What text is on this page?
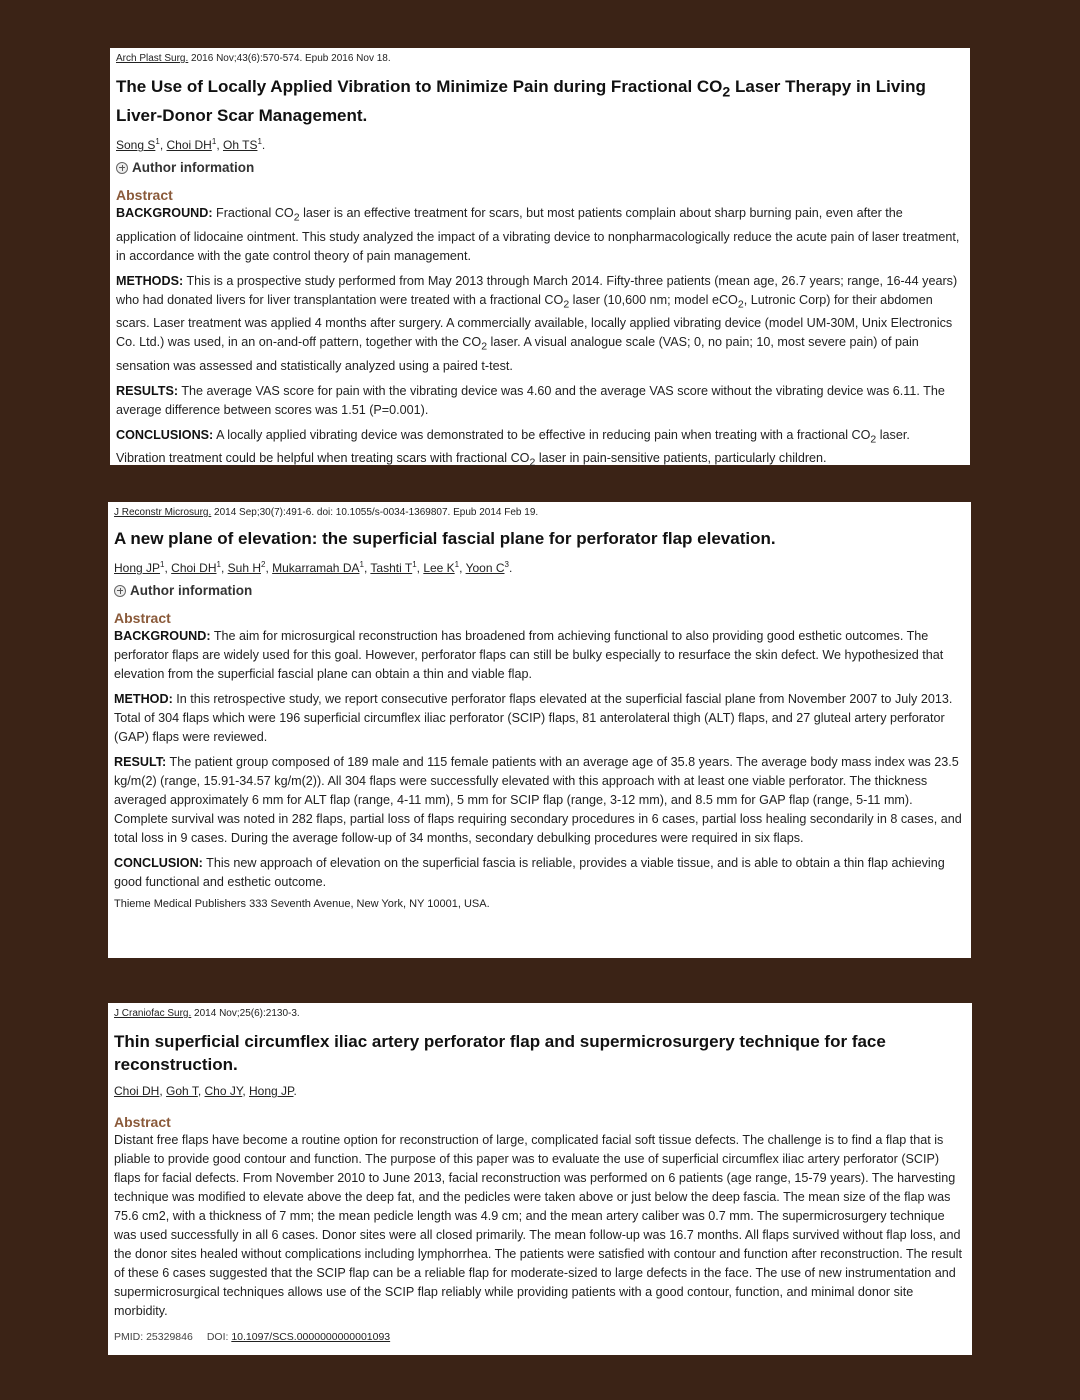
Arch Plast Surg. 2016 Nov;43(6):570-574. Epub 2016 Nov 18.

The Use of Locally Applied Vibration to Minimize Pain during Fractional $CO_2$ Laser Therapy in Living Liver-Donor Scar Management.

Song $S^1$, Choi $DH^1$, Oh $TS^1$.

Author information
Abstract

BACKGROUND: Fractional $CO_2$ laser is an effective treatment for scars, but most patients complain about sharp burning pain, even after the application of lidocaine ointment. This study analyzed the impact of a vibrating device to nonpharmacologically reduce the acute pain of laser treatment, in accordance with the gate control theory of pain management.

METHODS: This is a prospective study performed from May 2013 through March 2014. Fifty-three patients (mean age, 26.7 years; range, 16-44 years) who had donated livers for liver transplantation were treated with a fractional $CO_2$ laser (10,600 nm; model eCO$_2$, Lutronic Corp) for their abdomen scars. Laser treatment was applied 4 months after surgery. A commercially available, locally applied vibrating device (model UM-30M, Unix Electronics Co. Ltd.) was used, in an on-and-off pattern, together with the $CO_2$ laser. A visual analogue scale (VAS; 0, no pain; 10, most severe pain) of pain sensation was assessed and statistically analyzed using a paired t-test.

RESULTS: The average VAS score for pain with the vibrating device was 4.60 and the average VAS score without the vibrating device was 6.11. The average difference between scores was 1.51 (P=0.001).

CONCLUSIONS: A locally applied vibrating device was demonstrated to be effective in reducing pain when treating with a fractional $CO_2$ laser. Vibration treatment could be helpful when treating scars with fractional $CO_2$ laser in pain-sensitive patients, particularly children.

J Reconstr Microsurg. 2014 Sep;30(7):491-6. doi: 10.1055/s-0034-1369807. Epub 2014 Feb 19.

A new plane of elevation: the superficial fascial plane for perforator flap elevation.

Hong $JP^1$, Choi $DH^1$, Suh $H^2$, Mukarramah $DA^1$, Tashti $T^1$, Lee $K^1$, Yoon $C^3$.

Author information
Abstract

BACKGROUND: The aim for microsurgical reconstruction has broadened from achieving functional to also providing good esthetic outcomes. The perforator flaps are widely used for this goal. However, perforator flaps can still be bulky especially to resurface the skin defect. We hypothesized that elevation from the superficial fascial plane can obtain a thin and viable flap.

METHOD: In this retrospective study, we report consecutive perforator flaps elevated at the superficial fascial plane from November 2007 to July 2013. Total of 304 flaps which were 196 superficial circumflex iliac perforator (SCIP) flaps, 81 anterolateral thigh (ALT) flaps, and 27 gluteal artery perforator (GAP) flaps were reviewed.

RESULT: The patient group composed of 189 male and 115 female patients with an average age of 35.8 years. The average body mass index was 23.5 kg/m(2) (range, 15.91-34.57 kg/m(2)). All 304 flaps were successfully elevated with this approach with at least one viable perforator. The thickness averaged approximately 6 mm for ALT flap (range, 4-11 mm), 5 mm for SCIP flap (range, 3-12 mm), and 8.5 mm for GAP flap (range, 5-11 mm). Complete survival was noted in 282 flaps, partial loss of flaps requiring secondary procedures in 6 cases, partial loss healing secondarily in 8 cases, and total loss in 9 cases. During the average follow-up of 34 months, secondary debulking procedures were required in six flaps.

CONCLUSION: This new approach of elevation on the superficial fascia is reliable, provides a viable tissue, and is able to obtain a thin flap achieving good functional and esthetic outcome.

Thieme Medical Publishers 333 Seventh Avenue, New York, NY 10001, USA.

J Craniofac Surg. 2014 Nov;25(6):2130-3.

Thin superficial circumflex iliac artery perforator flap and supermicrosurgery technique for face reconstruction.

Choi DH, Goh T, Cho JY, Hong JP.

Abstract

Distant free flaps have become a routine option for reconstruction of large, complicated facial soft tissue defects. The challenge is to find a flap that is pliable to provide good contour and function. The purpose of this paper was to evaluate the use of superficial circumflex iliac artery perforator (SCIP) flaps for facial defects. From November 2010 to June 2013, facial reconstruction was performed on 6 patients (age range, 15-79 years). The harvesting technique was modified to elevate above the deep fat, and the pedicles were taken above or just below the deep fascia. The mean size of the flap was 75.6 cm2, with a thickness of 7 mm; the mean pedicle length was 4.9 cm; and the mean artery caliber was 0.7 mm. The supermicrosurgery technique was used successfully in all 6 cases. Donor sites were all closed primarily. The mean follow-up was 16.7 months. All flaps survived without flap loss, and the donor sites healed without complications including lymphorrhea. The patients were satisfied with contour and function after reconstruction. The result of these 6 cases suggested that the SCIP flap can be a reliable flap for moderate-sized to large defects in the face. The use of new instrumentation and supermicrosurgical techniques allows use of the SCIP flap reliably while providing patients with a good contour, function, and minimal donor site morbidity.

PMID: 25329846 DOI: 10.1097/SCS.0000000000001093
